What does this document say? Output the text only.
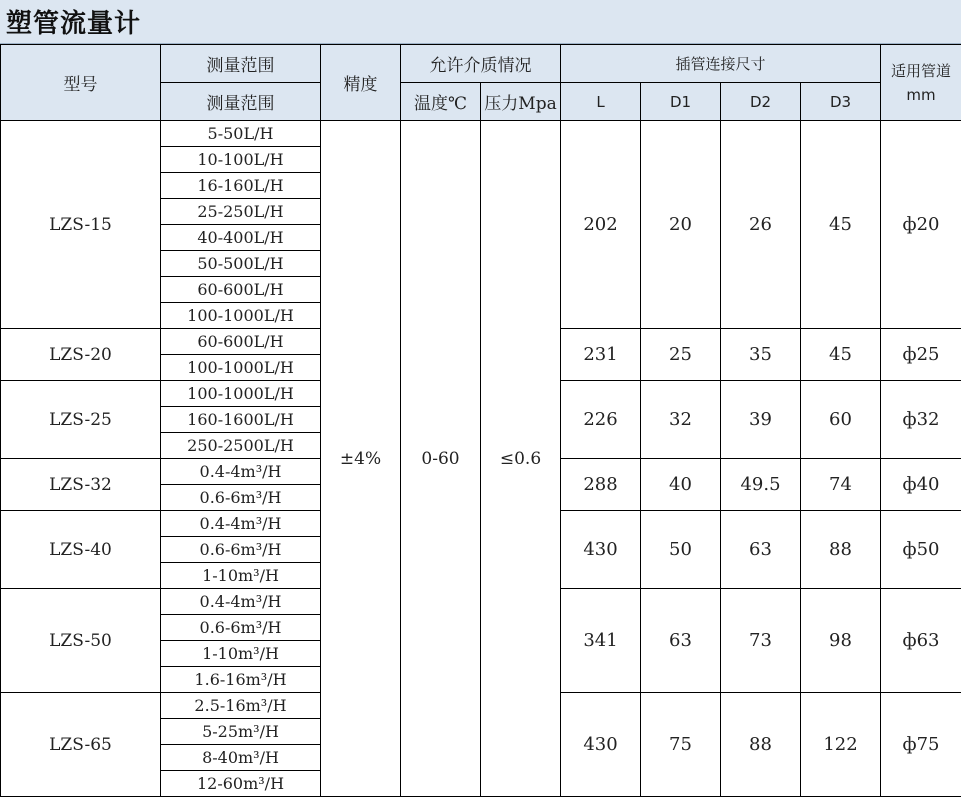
塑管流量计
型号	测量范围	精度	允许介质情况		插管连接尺寸				适用管道mm
	测量范围		温度℃	压力Mpa	L	D1	D2	D3	
LZS-15	5-50L/H	±4%	0-60	≤0.6	202	20	26	45	ф20
	10-100L/H								
	16-160L/H								
	25-250L/H								
	40-400L/H								
	50-500L/H								
	60-600L/H								
	100-1000L/H								
LZS-20	60-600L/H				231	25	35	45	ф25
	100-1000L/H								
LZS-25	100-1000L/H				226	32	39	60	ф32
	160-1600L/H								
	250-2500L/H								
LZS-32	0.4-4m³/H				288	40	49.5	74	ф40
	0.6-6m³/H								
LZS-40	0.4-4m³/H				430	50	63	88	ф50
	0.6-6m³/H								
	1-10m³/H								
LZS-50	0.4-4m³/H				341	63	73	98	ф63
	0.6-6m³/H								
	1-10m³/H								
	1.6-16m³/H								
LZS-65	2.5-16m³/H				430	75	88	122	ф75
	5-25m³/H								
	8-40m³/H								
	12-60m³/H								
